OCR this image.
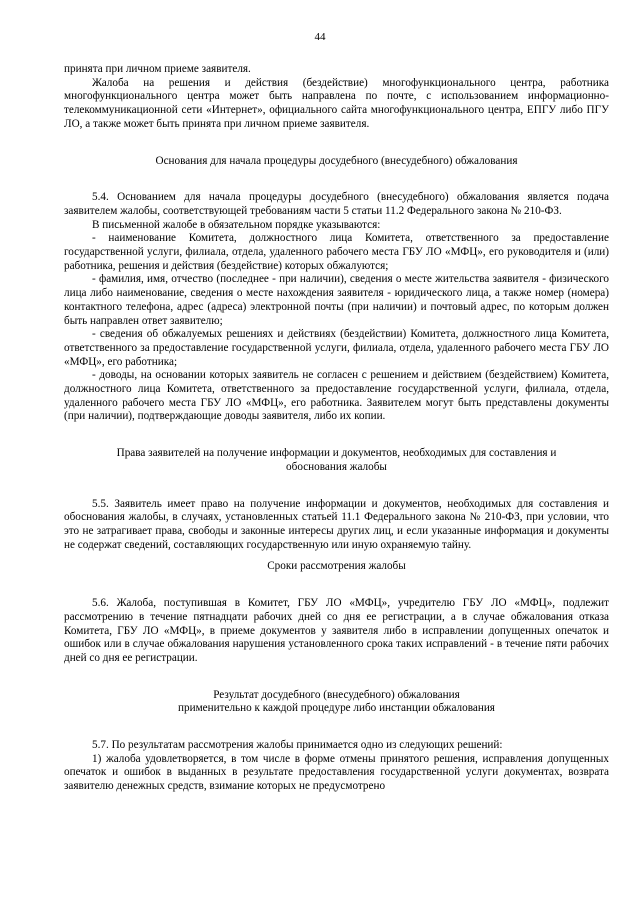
44

принята при личном приеме заявителя.

Жалоба на решения и действия (бездействие) многофункционального центра, работника многофункционального центра может быть направлена по почте, с использованием информационно-телекоммуникационной сети «Интернет», официального сайта многофункционального центра, ЕПГУ либо ПГУ ЛО, а также может быть принята при личном приеме заявителя.

Основания для начала процедуры досудебного (внесудебного) обжалования

5.4. Основанием для начала процедуры досудебного (внесудебного) обжалования является подача заявителем жалобы, соответствующей требованиям части 5 статьи 11.2 Федерального закона № 210-ФЗ.

В письменной жалобе в обязательном порядке указываются:

- наименование Комитета, должностного лица Комитета, ответственного за предоставление государственной услуги, филиала, отдела, удаленного рабочего места ГБУ ЛО «МФЦ», его руководителя и (или) работника, решения и действия (бездействие) которых обжалуются;

- фамилия, имя, отчество (последнее - при наличии), сведения о месте жительства заявителя - физического лица либо наименование, сведения о месте нахождения заявителя - юридического лица, а также номер (номера) контактного телефона, адрес (адреса) электронной почты (при наличии) и почтовый адрес, по которым должен быть направлен ответ заявителю;

- сведения об обжалуемых решениях и действиях (бездействии) Комитета, должностного лица Комитета, ответственного за предоставление государственной услуги, филиала, отдела, удаленного рабочего места ГБУ ЛО «МФЦ», его работника;

- доводы, на основании которых заявитель не согласен с решением и действием (бездействием) Комитета, должностного лица Комитета, ответственного за предоставление государственной услуги, филиала, отдела, удаленного рабочего места ГБУ ЛО «МФЦ», его работника. Заявителем могут быть представлены документы (при наличии), подтверждающие доводы заявителя, либо их копии.

Права заявителей на получение информации и документов, необходимых для составления и

обоснования жалобы

5.5. Заявитель имеет право на получение информации и документов, необходимых для составления и обоснования жалобы, в случаях, установленных статьей 11.1 Федерального закона № 210-ФЗ, при условии, что это не затрагивает права, свободы и законные интересы других лиц, и если указанные информация и документы не содержат сведений, составляющих государственную или иную охраняемую тайну.

Сроки рассмотрения жалобы

5.6. Жалоба, поступившая в Комитет, ГБУ ЛО «МФЦ», учредителю ГБУ ЛО «МФЦ», подлежит рассмотрению в течение пятнадцати рабочих дней со дня ее регистрации, а в случае обжалования отказа Комитета, ГБУ ЛО «МФЦ», в приеме документов у заявителя либо в исправлении допущенных опечаток и ошибок или в случае обжалования нарушения установленного срока таких исправлений - в течение пяти рабочих дней со дня ее регистрации.

Результат досудебного (внесудебного) обжалования

применительно к каждой процедуре либо инстанции обжалования

5.7. По результатам рассмотрения жалобы принимается одно из следующих решений:

1) жалоба удовлетворяется, в том числе в форме отмены принятого решения, исправления допущенных опечаток и ошибок в выданных в результате предоставления государственной услуги документах, возврата заявителю денежных средств, взимание которых не предусмотрено
